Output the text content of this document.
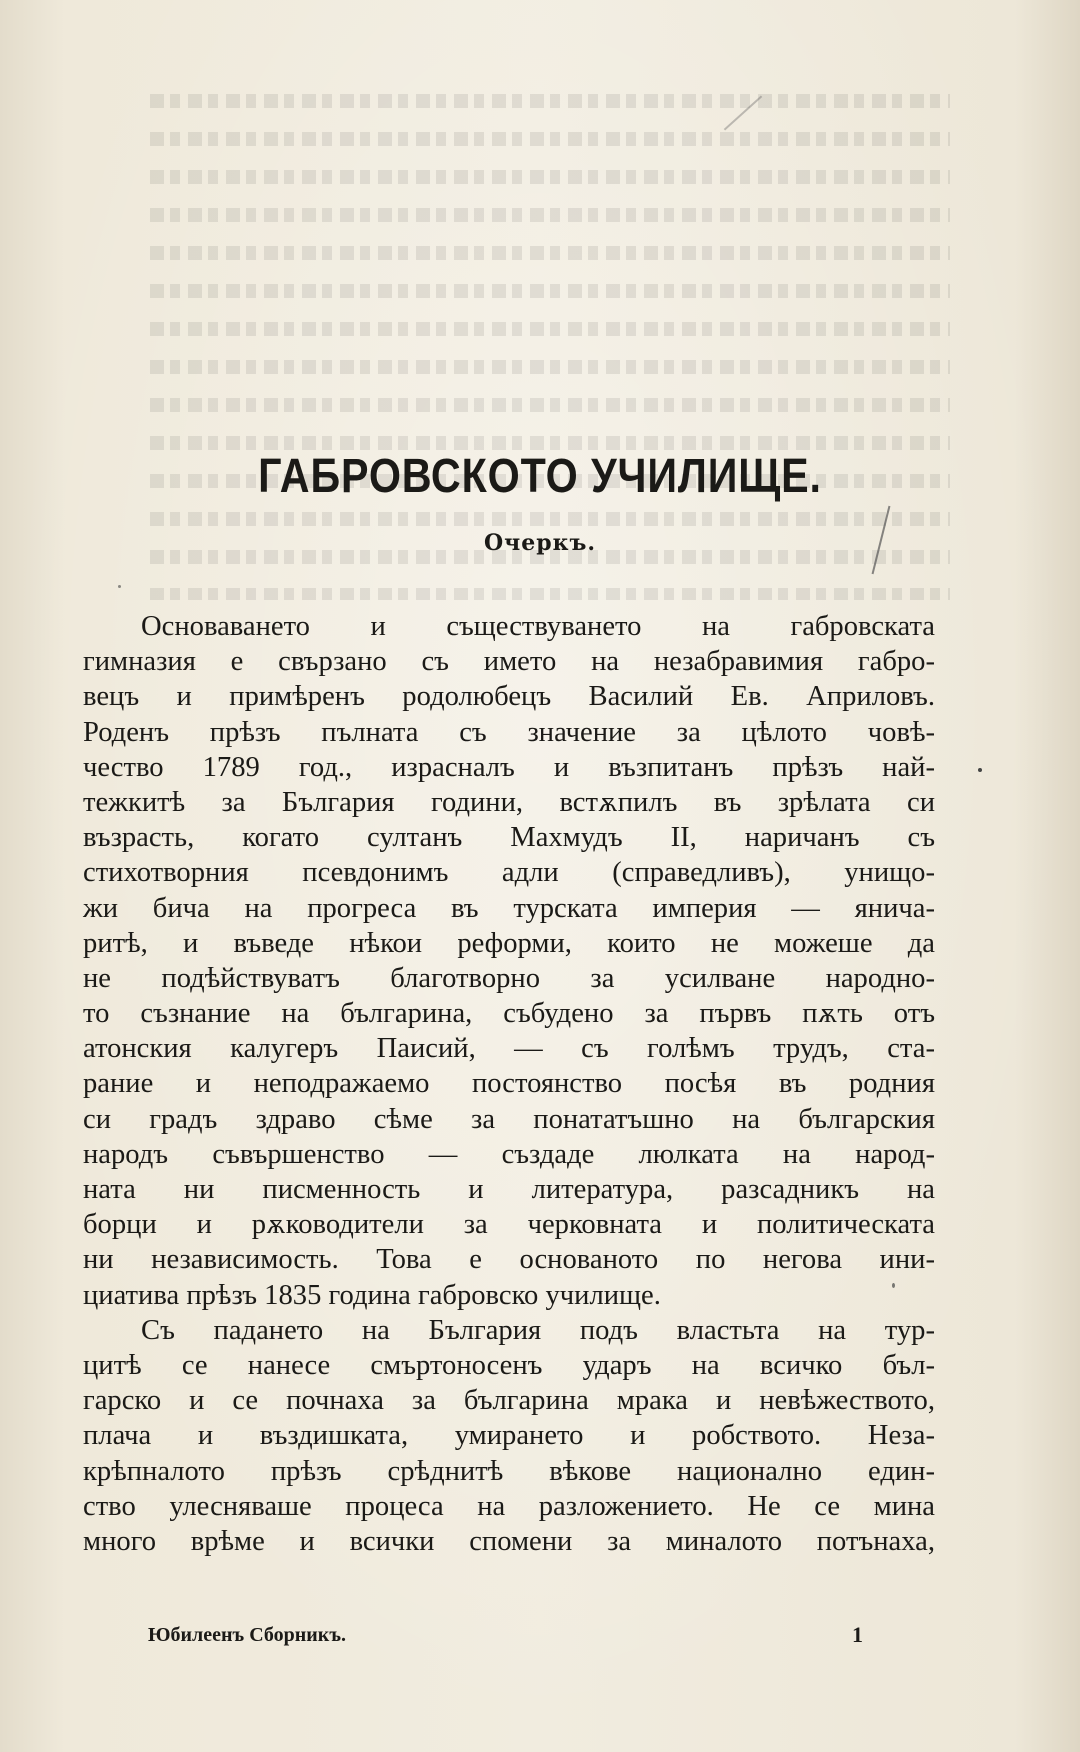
ГАБРОВСКОТО УЧИЛИЩЕ.
Очеркъ.
Основаването и съществуването на габровската
гимназия е свързано съ името на незабравимия габро-
вецъ и примѣренъ родолюбецъ Василий Ев. Априловъ.
Роденъ прѣзъ пълната съ значение за цѣлото човѣ-
чество 1789 год., израсналъ и възпитанъ прѣзъ най-
тежкитѣ за България години, встѫпилъ въ зрѣлата си
възрасть, когато султанъ Махмудъ II, наричанъ съ
стихотворния псевдонимъ адли (справедливъ), унищо-
жи бича на прогреса въ турската империя — янича-
ритѣ, и въведе нѣкои реформи, които не можеше да
не подѣйствуватъ благотворно за усилване народно-
то съзнание на българина, събудено за първъ пѫть отъ
атонския калугеръ Паисий, — съ голѣмъ трудъ, ста-
рание и неподражаемо постоянство посѣя въ родния
си градъ здраво сѣме за понататъшно на българския
народъ съвършенство — създаде люлката на народ-
ната ни писменность и литература, разсадникъ на
борци и рѫководители за черковната и политическата
ни независимость. Това е основаното по негова ини-
циатива прѣзъ 1835 година габровско училище.
Съ падането на България подъ властьта на тур-
цитѣ се нанесе смъртоносенъ ударъ на всичко бъл-
гарско и се почнаха за българина мрака и невѣжеството,
плача и въздишката, умирането и робството. Неза-
крѣпналото прѣзъ срѣднитѣ вѣкове национално един-
ство улесняваше процеса на разложението. Не се мина
много врѣме и всички спомени за миналото потънаха,
Юбилеенъ Сборникъ.	1
